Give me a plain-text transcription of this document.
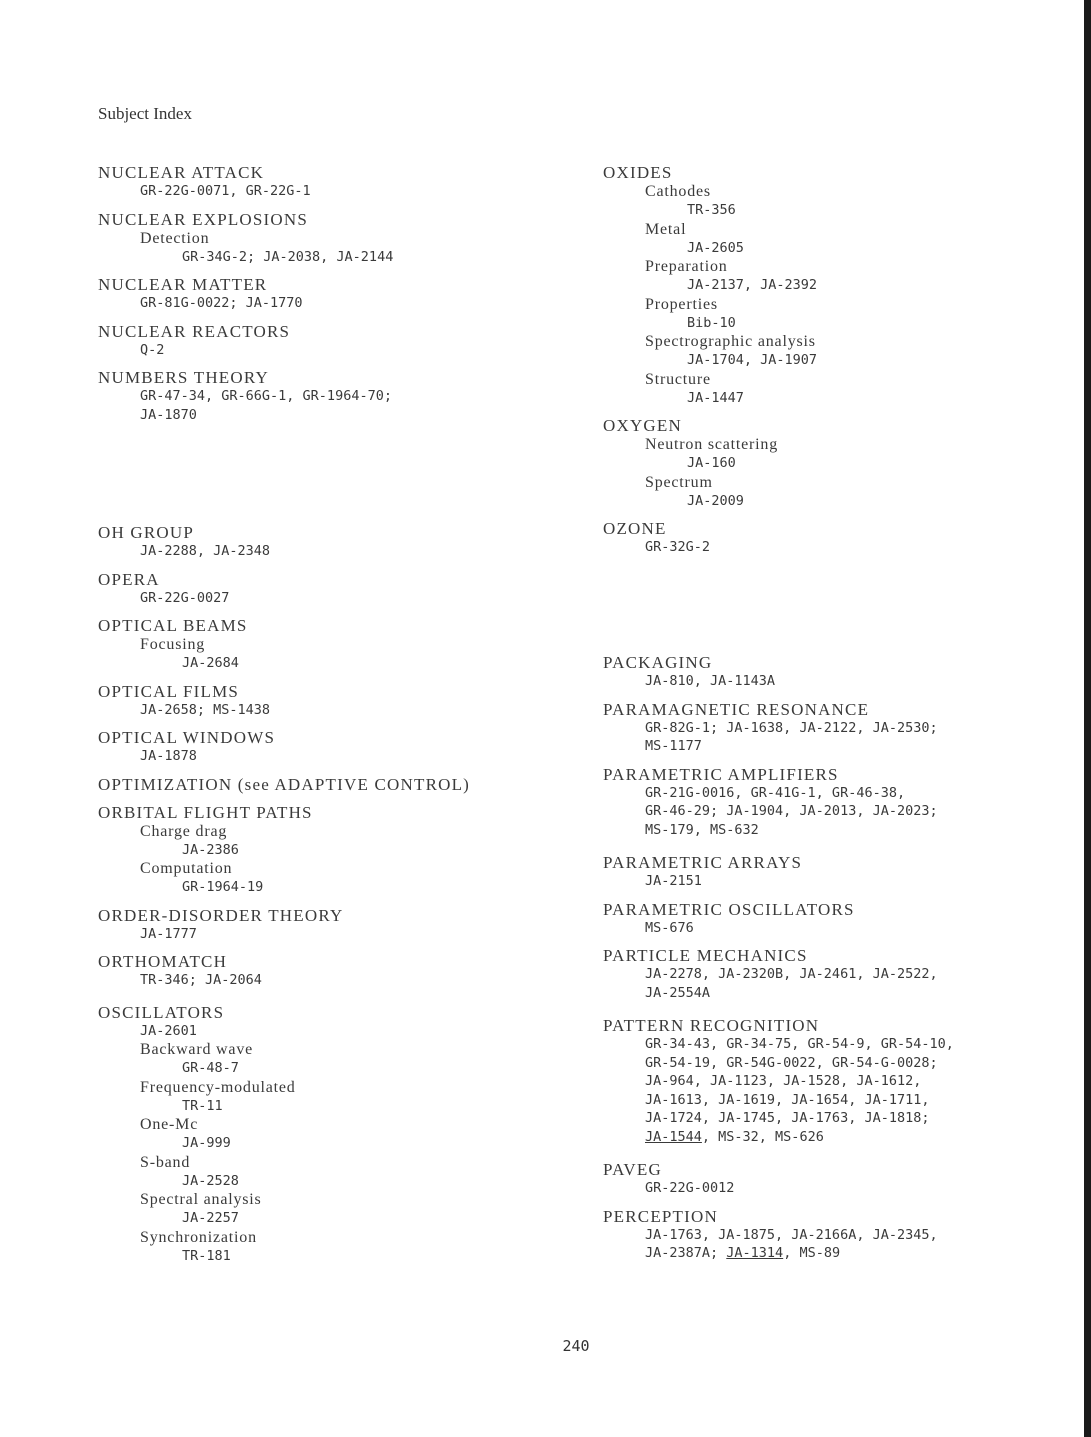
Subject Index
NUCLEAR ATTACK
GR-22G-0071, GR-22G-1
NUCLEAR EXPLOSIONS
Detection
GR-34G-2; JA-2038, JA-2144
NUCLEAR MATTER
GR-81G-0022; JA-1770
NUCLEAR REACTORS
Q-2
NUMBERS THEORY
GR-47-34, GR-66G-1, GR-1964-70;
JA-1870
OH GROUP
JA-2288, JA-2348
OPERA
GR-22G-0027
OPTICAL BEAMS
Focusing
JA-2684
OPTICAL FILMS
JA-2658; MS-1438
OPTICAL WINDOWS
JA-1878
OPTIMIZATION (see ADAPTIVE CONTROL)
ORBITAL FLIGHT PATHS
Charge drag
JA-2386
Computation
GR-1964-19
ORDER-DISORDER THEORY
JA-1777
ORTHOMATCH
TR-346; JA-2064
OSCILLATORS
JA-2601
Backward wave
GR-48-7
Frequency-modulated
TR-11
One-Mc
JA-999
S-band
JA-2528
Spectral analysis
JA-2257
Synchronization
TR-181
OXIDES
Cathodes
TR-356
Metal
JA-2605
Preparation
JA-2137, JA-2392
Properties
Bib-10
Spectrographic analysis
JA-1704, JA-1907
Structure
JA-1447
OXYGEN
Neutron scattering
JA-160
Spectrum
JA-2009
OZONE
GR-32G-2
PACKAGING
JA-810, JA-1143A
PARAMAGNETIC RESONANCE
GR-82G-1; JA-1638, JA-2122, JA-2530;
MS-1177
PARAMETRIC AMPLIFIERS
GR-21G-0016, GR-41G-1, GR-46-38,
GR-46-29; JA-1904, JA-2013, JA-2023;
MS-179, MS-632
PARAMETRIC ARRAYS
JA-2151
PARAMETRIC OSCILLATORS
MS-676
PARTICLE MECHANICS
JA-2278, JA-2320B, JA-2461, JA-2522,
JA-2554A
PATTERN RECOGNITION
GR-34-43, GR-34-75, GR-54-9, GR-54-10,
GR-54-19, GR-54G-0022, GR-54-G-0028;
JA-964, JA-1123, JA-1528, JA-1612,
JA-1613, JA-1619, JA-1654, JA-1711,
JA-1724, JA-1745, JA-1763, JA-1818;
JA-1544, MS-32, MS-626
PAVEG
GR-22G-0012
PERCEPTION
JA-1763, JA-1875, JA-2166A, JA-2345,
JA-2387A; JA-1314, MS-89
240
